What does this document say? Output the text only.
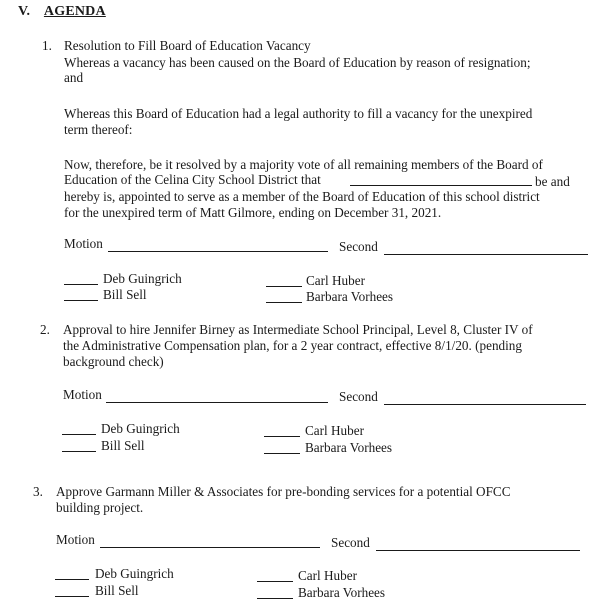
V. AGENDA
1. Resolution to Fill Board of Education Vacancy
Whereas a vacancy has been caused on the Board of Education by reason of resignation;
and
Whereas this Board of Education had a legal authority to fill a vacancy for the unexpired
term thereof:
Now, therefore, be it resolved by a majority vote of all remaining members of the Board of
Education of the Celina City School District that	be and
hereby is, appointed to serve as a member of the Board of Education of this school district
for the unexpired term of Matt Gilmore, ending on December 31, 2021.
Motion	Second
Deb Guingrich
Bill Sell
Carl Huber
Barbara Vorhees
2. Approval to hire Jennifer Birney as Intermediate School Principal, Level 8, Cluster IV of
the Administrative Compensation plan, for a 2 year contract, effective 8/1/20. (pending
background check)
Motion	Second
Deb Guingrich
Bill Sell
Carl Huber
Barbara Vorhees
3. Approve Garmann Miller & Associates for pre-bonding services for a potential OFCC
building project.
Motion	Second
Deb Guingrich
Bill Sell
Carl Huber
Barbara Vorhees
